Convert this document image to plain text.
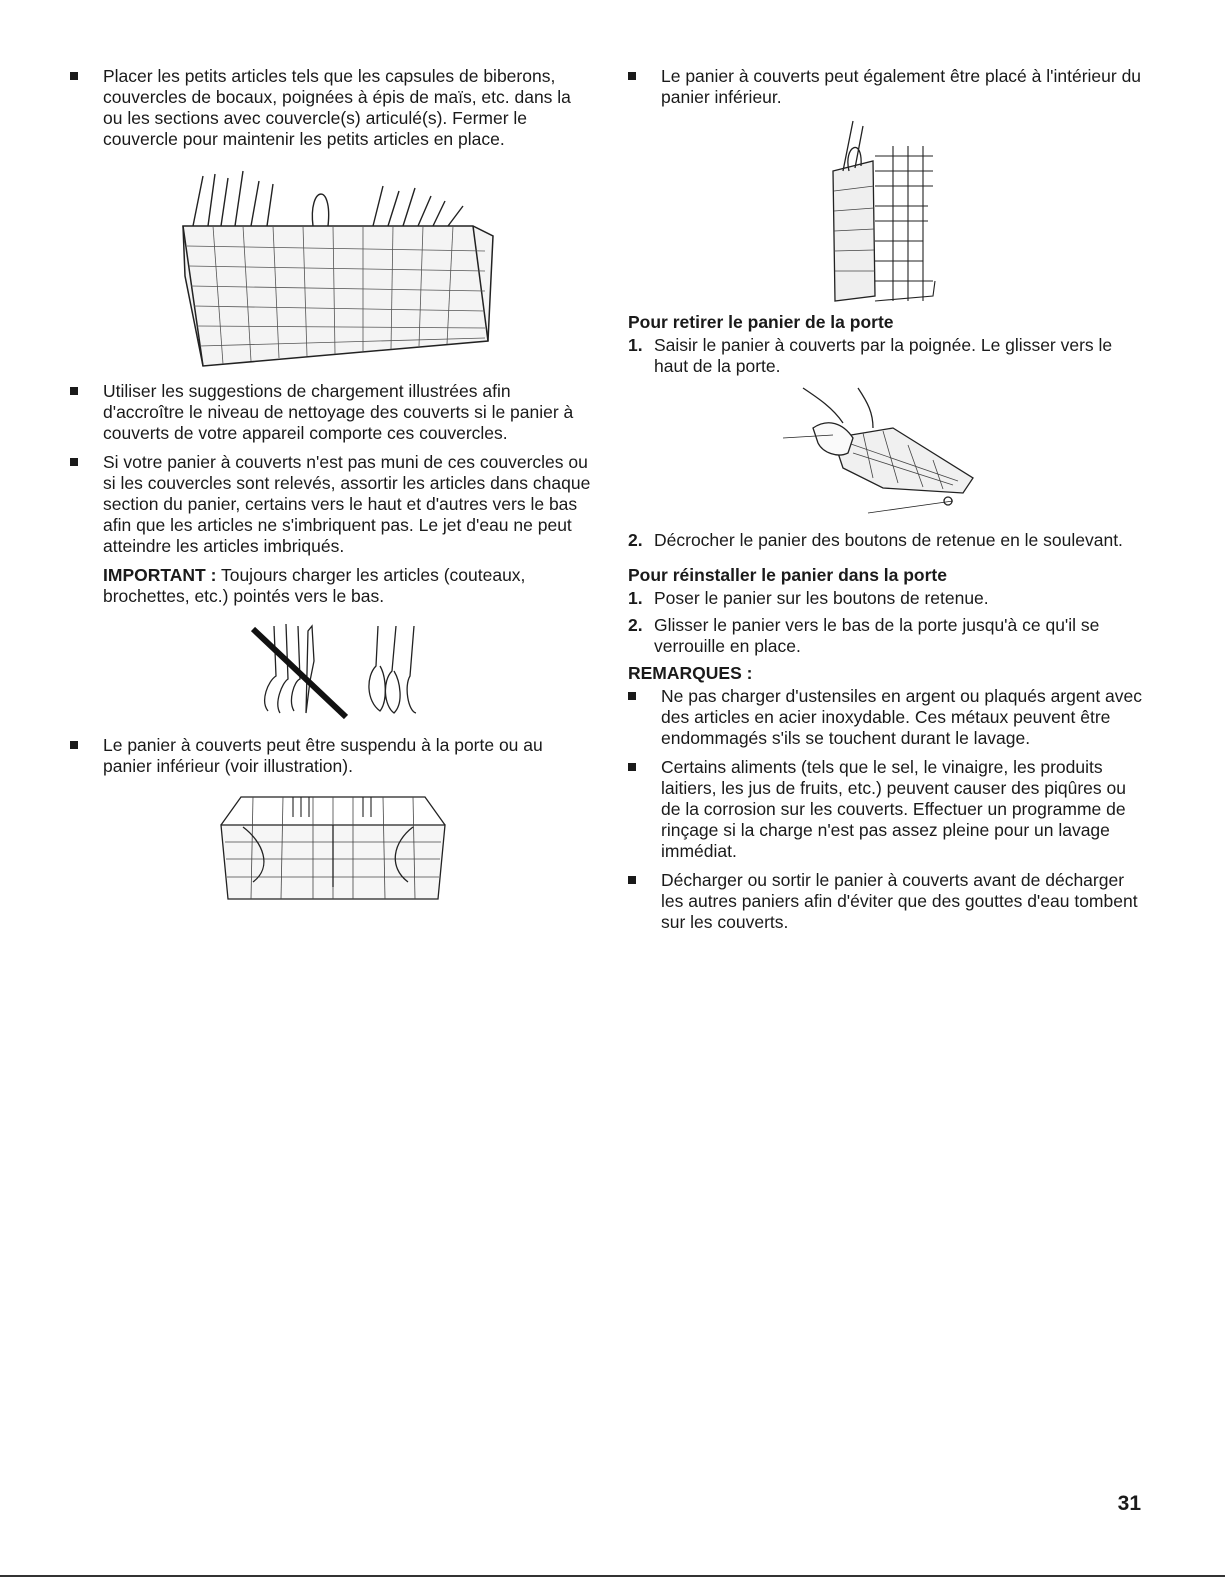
Placer les petits articles tels que les capsules de biberons, couvercles de bocaux, poignées à épis de maïs, etc. dans la ou les sections avec couvercle(s) articulé(s). Fermer le couvercle pour maintenir les petits articles en place.
Utiliser les suggestions de chargement illustrées afin d'accroître le niveau de nettoyage des couverts si le panier à couverts de votre appareil comporte ces couvercles.
Si votre panier à couverts n'est pas muni de ces couvercles ou si les couvercles sont relevés, assortir les articles dans chaque section du panier, certains vers le haut et d'autres vers le bas afin que les articles ne s'imbriquent pas. Le jet d'eau ne peut atteindre les articles imbriqués.

IMPORTANT : Toujours charger les articles (couteaux, brochettes, etc.) pointés vers le bas.

Le panier à couverts peut être suspendu à la porte ou au panier inférieur (voir illustration).
Le panier à couverts peut également être placé à l'intérieur du panier inférieur.
Pour retirer le panier de la porte
1. Saisir le panier à couverts par la poignée. Le glisser vers le haut de la porte.
2. Décrocher le panier des boutons de retenue en le soulevant.
Pour réinstaller le panier dans la porte
1. Poser le panier sur les boutons de retenue.
2. Glisser le panier vers le bas de la porte jusqu'à ce qu'il se verrouille en place.
REMARQUES :
Ne pas charger d'ustensiles en argent ou plaqués argent avec des articles en acier inoxydable. Ces métaux peuvent être endommagés s'ils se touchent durant le lavage.
Certains aliments (tels que le sel, le vinaigre, les produits laitiers, les jus de fruits, etc.) peuvent causer des piqûres ou de la corrosion sur les couverts. Effectuer un programme de rinçage si la charge n'est pas assez pleine pour un lavage immédiat.
Décharger ou sortir le panier à couverts avant de décharger les autres paniers afin d'éviter que des gouttes d'eau tombent sur les couverts.
31
